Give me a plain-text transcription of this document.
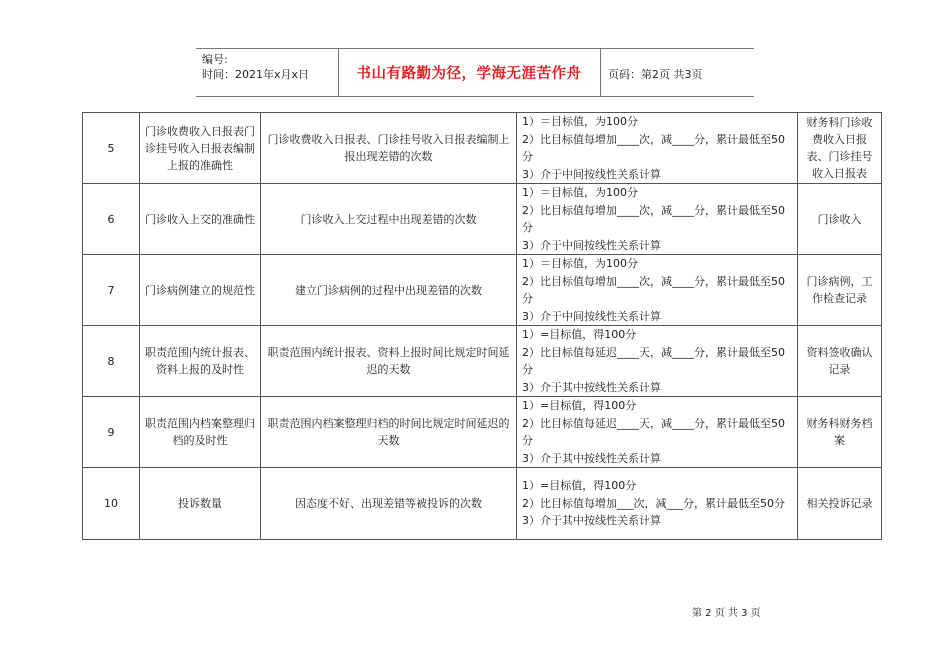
编号:
时间：2021年x月x日	书山有路勤为径，学海无涯苦作舟	页码：第2页 共3页
5	门诊收费收入日报表门诊挂号收入日报表编制上报的准确性	门诊收费收入日报表、门诊挂号收入日报表编制上报出现差错的次数	1）＝目标值，为100分
2）比目标值每增加____次，减____分，累计最低至50分
3）介于中间按线性关系计算	财务科门诊收费收入日报表、门诊挂号收入日报表
6	门诊收入上交的准确性	门诊收入上交过程中出现差错的次数	1）＝目标值，为100分
2）比目标值每增加____次，减____分，累计最低至50分
3）介于中间按线性关系计算	门诊收入
7	门诊病例建立的规范性	建立门诊病例的过程中出现差错的次数	1）＝目标值，为100分
2）比目标值每增加____次，减____分，累计最低至50分
3）介于中间按线性关系计算	门诊病例，工作检查记录
8	职责范围内统计报表、资料上报的及时性	职责范围内统计报表、资料上报时间比规定时间延迟的天数	1）=目标值，得100分
2）比目标值每延迟____天，减____分，累计最低至50分
3）介于其中按线性关系计算	资料签收确认记录
9	职责范围内档案整理归档的及时性	职责范围内档案整理归档的时间比规定时间延迟的天数	1）=目标值，得100分
2）比目标值每延迟____天，减____分，累计最低至50分
3）介于其中按线性关系计算	财务科财务档案
10	投诉数量	因态度不好、出现差错等被投诉的次数	1）=目标值，得100分
2）比目标值每增加___次，减___分，累计最低至50分
3）介于其中按线性关系计算	相关投诉记录
第 2 页 共 3 页
